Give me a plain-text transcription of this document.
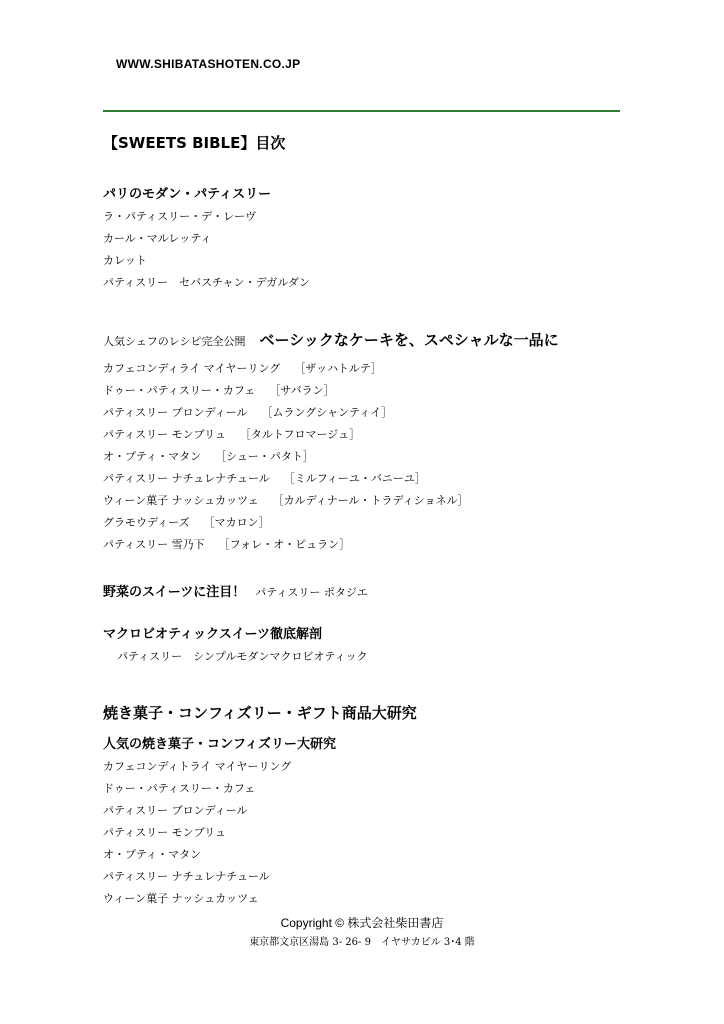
WWW.SHIBATASHOTEN.CO.JP
【SWEETS BIBLE】目次
パリのモダン・パティスリー
ラ・パティスリー・デ・レーヴ
カール・マルレッティ
カレット
パティスリー　セバスチャン・デガルダン
人気シェフのレシピ完全公開 ベーシックなケーキを、スペシャルな一品に
カフェコンディライ マイヤーリング ［ザッハトルテ］
ドゥー・パティスリー・カフェ ［サバラン］
パティスリー ブロンディール ［ムラングシャンティイ］
パティスリー モンブリュ ［タルトフロマージュ］
オ・プティ・マタン ［シュー・パタト］
パティスリー ナチュレナチュール ［ミルフィーユ・バニーユ］
ウィーン菓子 ナッシュカッツェ ［カルディナール・トラディショネル］
グラモウディーズ ［マカロン］
パティスリー 雪乃下 ［フォレ・オ・ピュラン］
野菜のスイーツに注目！ パティスリー ポタジエ
マクロビオティックスイーツ徹底解剖
パティスリー　シンプルモダンマクロビオティック
焼き菓子・コンフィズリー・ギフト商品大研究
人気の焼き菓子・コンフィズリー大研究
カフェコンディトライ マイヤーリング
ドゥー・パティスリー・カフェ
パティスリー ブロンディール
パティスリー モンブリュ
オ・プティ・マタン
パティスリー ナチュレナチュール
ウィーン菓子 ナッシュカッツェ
Copyright © 株式会社柴田書店
東京都文京区湯島 3- 26- 9　イヤサカビル 3･4 階
